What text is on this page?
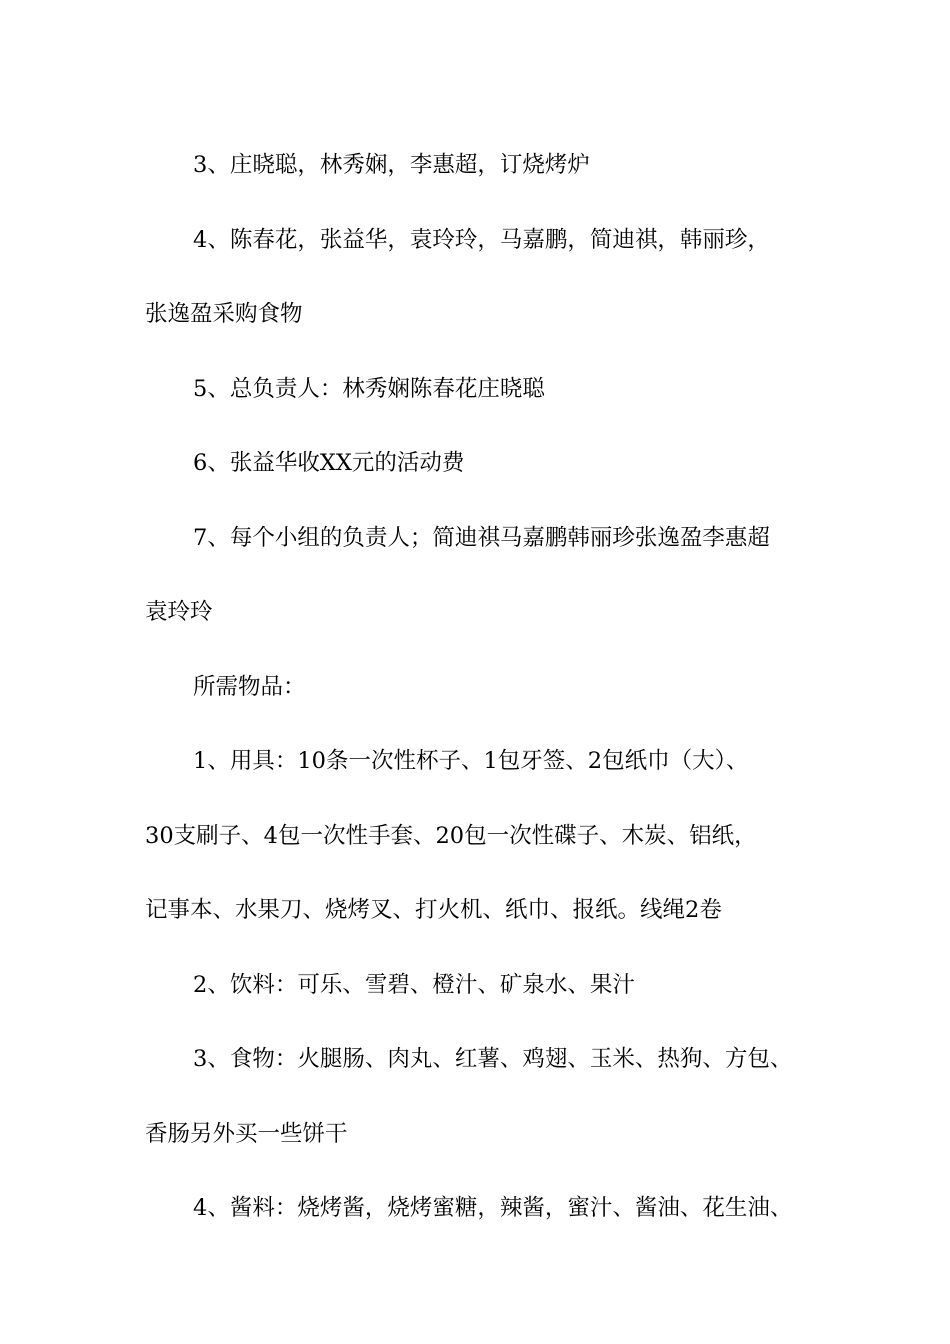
3、庄晓聪，林秀娴，李惠超，订烧烤炉
4、陈春花，张益华，袁玲玲，马嘉鹏，简迪祺，韩丽珍，
张逸盈采购食物
5、总负责人：林秀娴陈春花庄晓聪
6、张益华收XX元的活动费
7、每个小组的负责人；简迪祺马嘉鹏韩丽珍张逸盈李惠超
袁玲玲
所需物品：
1、用具：10条一次性杯子、1包牙签、2包纸巾（大）、
30支刷子、4包一次性手套、20包一次性碟子、木炭、铝纸，
记事本、水果刀、烧烤叉、打火机、纸巾、报纸。线绳2卷
2、饮料：可乐、雪碧、橙汁、矿泉水、果汁
3、食物：火腿肠、肉丸、红薯、鸡翅、玉米、热狗、方包、
香肠另外买一些饼干
4、酱料：烧烤酱，烧烤蜜糖，辣酱，蜜汁、酱油、花生油、
